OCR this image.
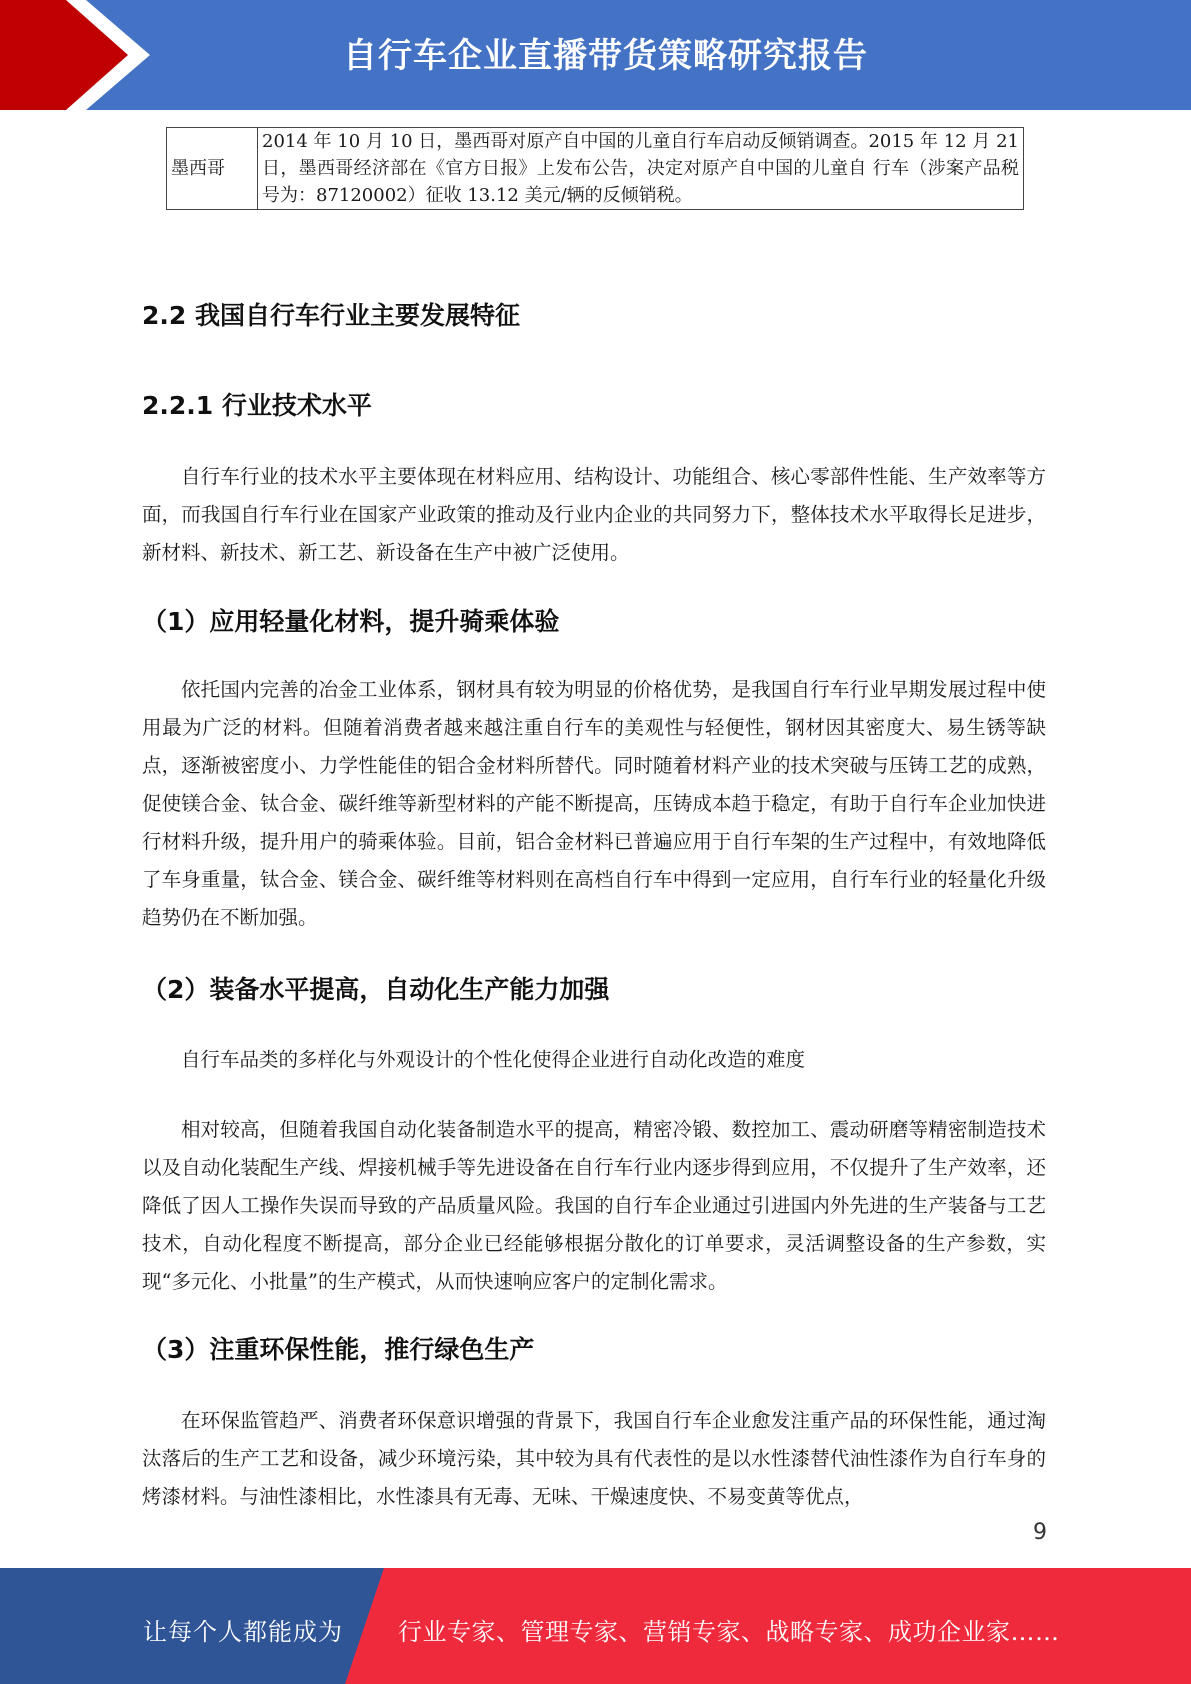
自行车企业直播带货策略研究报告
墨西哥	2014 年 10 月 10 日，墨西哥对原产自中国的儿童自行车启动反倾销调查。2015 年 12 月 21 日，墨西哥经济部在《官方日报》上发布公告，决定对原产自中国的儿童自 行车（涉案产品税号为：87120002）征收 13.12 美元/辆的反倾销税。
2.2 我国自行车行业主要发展特征
2.2.1 行业技术水平

自行车行业的技术水平主要体现在材料应用、结构设计、功能组合、核心零部件性能、生产效率等方面，而我国自行车行业在国家产业政策的推动及行业内企业的共同努力下，整体技术水平取得长足进步，新材料、新技术、新工艺、新设备在生产中被广泛使用。

（1）应用轻量化材料，提升骑乘体验

依托国内完善的冶金工业体系，钢材具有较为明显的价格优势，是我国自行车行业早期发展过程中使用最为广泛的材料。但随着消费者越来越注重自行车的美观性与轻便性，钢材因其密度大、易生锈等缺点，逐渐被密度小、力学性能佳的铝合金材料所替代。同时随着材料产业的技术突破与压铸工艺的成熟，促使镁合金、钛合金、碳纤维等新型材料的产能不断提高，压铸成本趋于稳定，有助于自行车企业加快进行材料升级，提升用户的骑乘体验。目前，铝合金材料已普遍应用于自行车架的生产过程中，有效地降低了车身重量，钛合金、镁合金、碳纤维等材料则在高档自行车中得到一定应用，自行车行业的轻量化升级趋势仍在不断加强。

（2）装备水平提高，自动化生产能力加强

自行车品类的多样化与外观设计的个性化使得企业进行自动化改造的难度

相对较高，但随着我国自动化装备制造水平的提高，精密冷锻、数控加工、震动研磨等精密制造技术以及自动化装配生产线、焊接机械手等先进设备在自行车行业内逐步得到应用，不仅提升了生产效率，还降低了因人工操作失误而导致的产品质量风险。我国的自行车企业通过引进国内外先进的生产装备与工艺技术，自动化程度不断提高，部分企业已经能够根据分散化的订单要求，灵活调整设备的生产参数，实现“多元化、小批量”的生产模式，从而快速响应客户的定制化需求。

（3）注重环保性能，推行绿色生产

在环保监管趋严、消费者环保意识增强的背景下，我国自行车企业愈发注重产品的环保性能，通过淘汰落后的生产工艺和设备，减少环境污染，其中较为具有代表性的是以水性漆替代油性漆作为自行车身的烤漆材料。与油性漆相比，水性漆具有无毒、无味、干燥速度快、不易变黄等优点，

9
让每个人都能成为 行业专家、管理专家、营销专家、战略专家、成功企业家……
